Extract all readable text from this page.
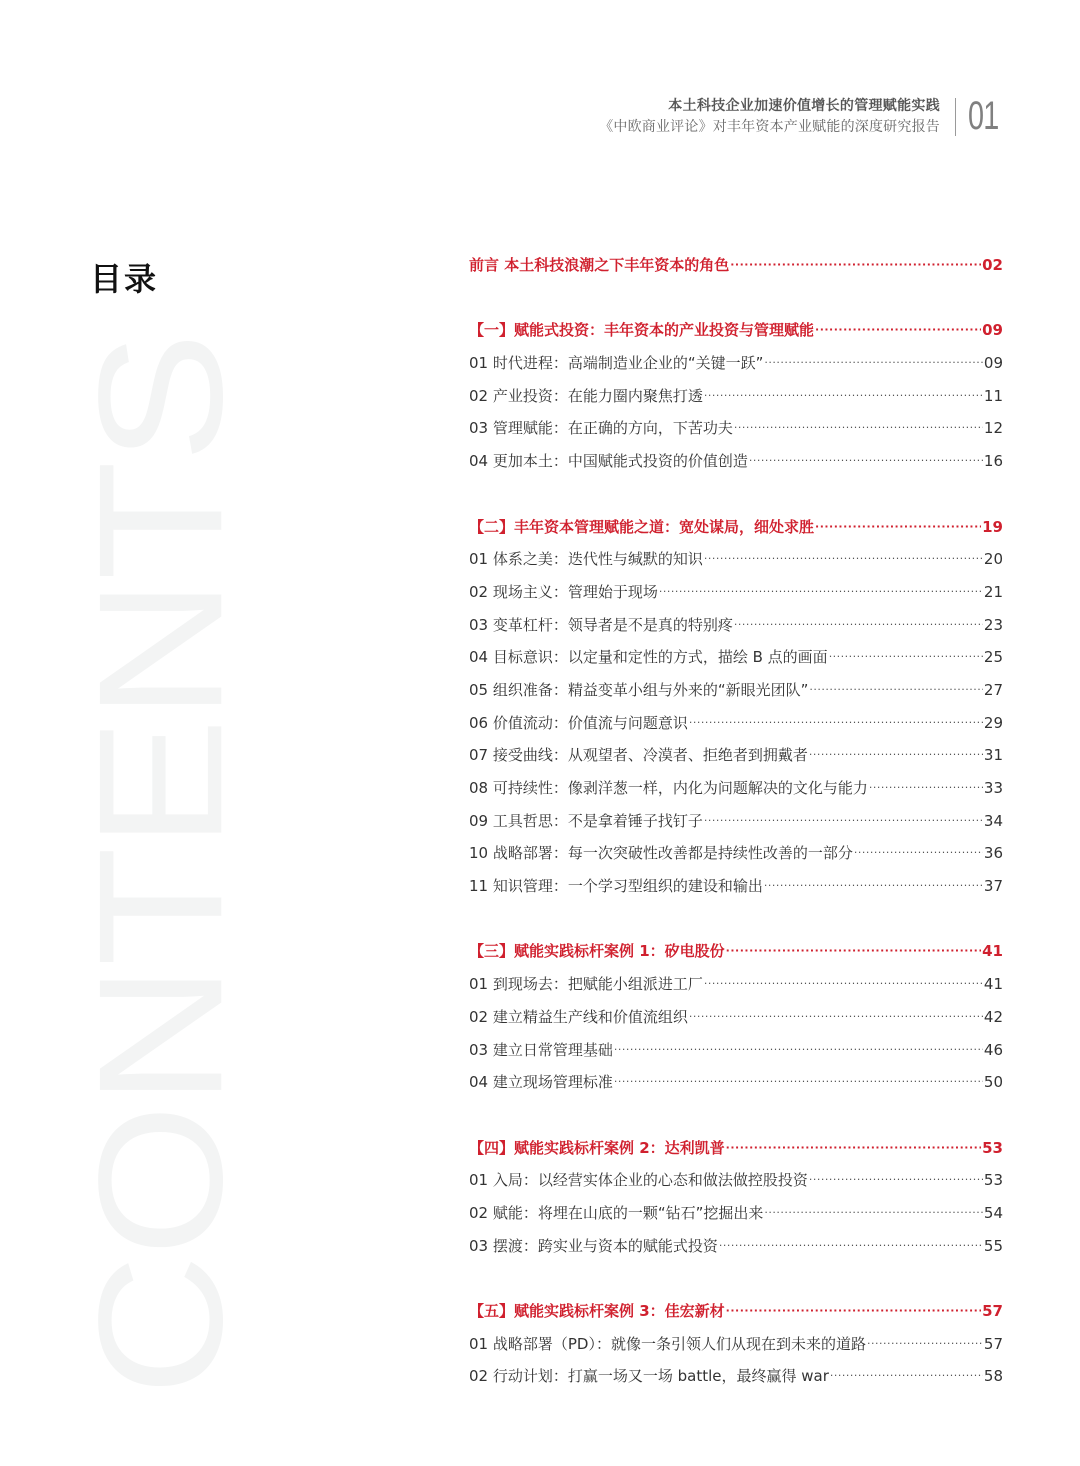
本土科技企业加速价值增长的管理赋能实践
《中欧商业评论》对丰年资本产业赋能的深度研究报告 01
目录
CONTENTS
前言 本土科技浪潮之下丰年资本的角色 ·····	02
【一】赋能式投资：丰年资本的产业投资与管理赋能 ·····	09
01 时代进程：高端制造业企业的“关键一跃” ·····	09
02 产业投资：在能力圈内聚焦打透 ·····	11
03 管理赋能：在正确的方向，下苦功夫 ·····	12
04 更加本土：中国赋能式投资的价值创造 ·····	16
【二】丰年资本管理赋能之道：宽处谋局，细处求胜 ·····	19
01 体系之美：迭代性与缄默的知识 ·····	20
02 现场主义：管理始于现场 ·····	21
03 变革杠杆：领导者是不是真的特别疼 ·····	23
04 目标意识：以定量和定性的方式，描绘 B 点的画面 ·····	25
05 组织准备：精益变革小组与外来的“新眼光团队” ·····	27
06 价值流动：价值流与问题意识 ·····	29
07 接受曲线：从观望者、冷漠者、拒绝者到拥戴者 ·····	31
08 可持续性：像剥洋葱一样，内化为问题解决的文化与能力 ·····	33
09 工具哲思：不是拿着锤子找钉子 ·····	34
10 战略部署：每一次突破性改善都是持续性改善的一部分 ·····	36
11 知识管理：一个学习型组织的建设和输出 ·····	37
【三】赋能实践标杆案例 1：矽电股份 ·····	41
01 到现场去：把赋能小组派进工厂 ·····	41
02 建立精益生产线和价值流组织 ·····	42
03 建立日常管理基础 ·····	46
04 建立现场管理标准 ·····	50
【四】赋能实践标杆案例 2：达利凯普 ·····	53
01 入局：以经营实体企业的心态和做法做控股投资 ·····	53
02 赋能：将埋在山底的一颗“钻石”挖掘出来 ·····	54
03 摆渡：跨实业与资本的赋能式投资 ·····	55
【五】赋能实践标杆案例 3：佳宏新材 ·····	57
01 战略部署（PD）：就像一条引领人们从现在到未来的道路 ·····	57
02 行动计划：打赢一场又一场 battle，最终赢得 war ·····	58
